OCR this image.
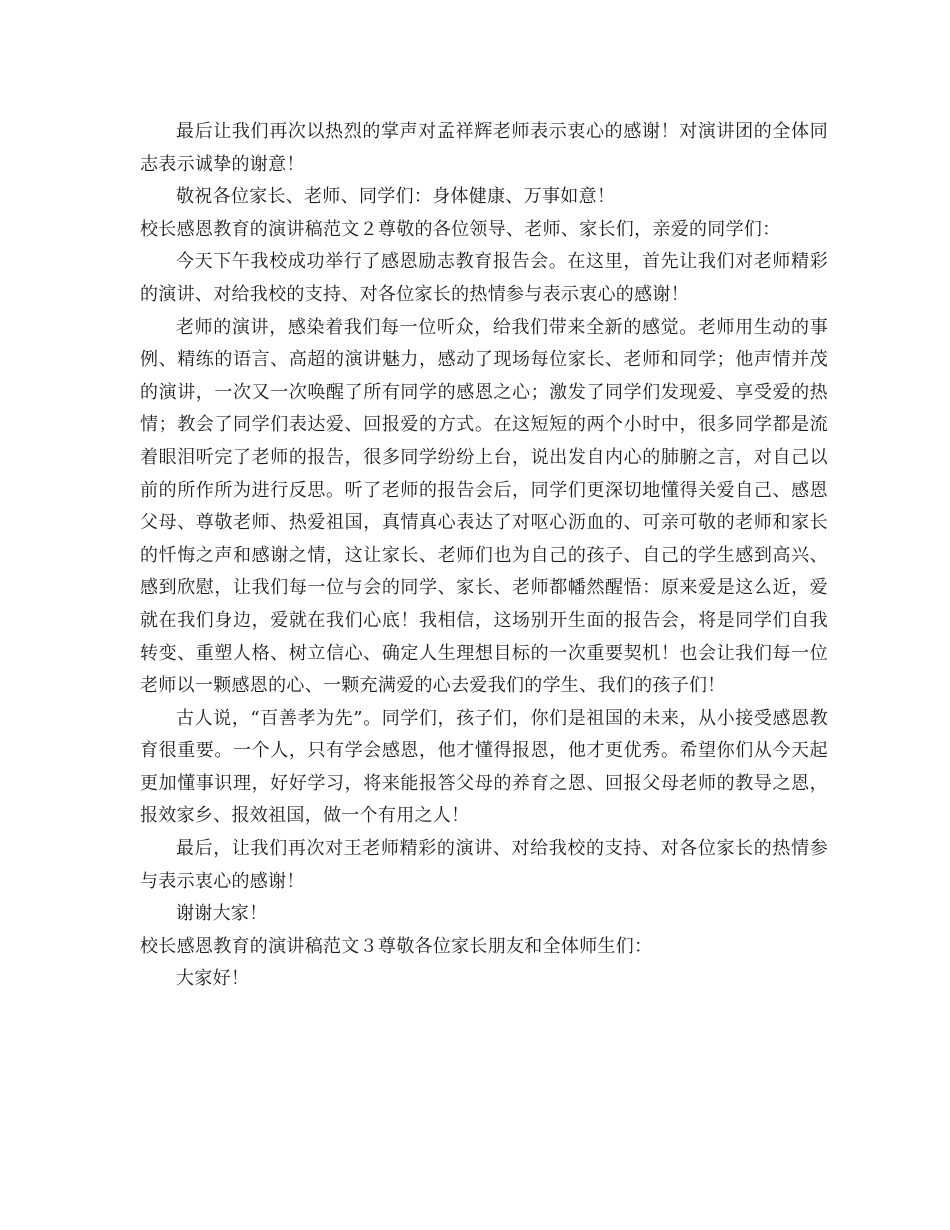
最后让我们再次以热烈的掌声对孟祥辉老师表示衷心的感谢！对演讲团的全体同志表示诚挚的谢意！

敬祝各位家长、老师、同学们：身体健康、万事如意！

校长感恩教育的演讲稿范文２尊敬的各位领导、老师、家长们，亲爱的同学们：

今天下午我校成功举行了感恩励志教育报告会。在这里，首先让我们对老师精彩的演讲、对给我校的支持、对各位家长的热情参与表示衷心的感谢！

老师的演讲，感染着我们每一位听众，给我们带来全新的感觉。老师用生动的事例、精练的语言、高超的演讲魅力，感动了现场每位家长、老师和同学；他声情并茂的演讲，一次又一次唤醒了所有同学的感恩之心；激发了同学们发现爱、享受爱的热情；教会了同学们表达爱、回报爱的方式。在这短短的两个小时中，很多同学都是流着眼泪听完了老师的报告，很多同学纷纷上台，说出发自内心的肺腑之言，对自己以前的所作所为进行反思。听了老师的报告会后，同学们更深切地懂得关爱自己、感恩父母、尊敬老师、热爱祖国，真情真心表达了对呕心沥血的、可亲可敬的老师和家长的忏悔之声和感谢之情，这让家长、老师们也为自己的孩子、自己的学生感到高兴、感到欣慰，让我们每一位与会的同学、家长、老师都幡然醒悟：原来爱是这么近，爱就在我们身边，爱就在我们心底！我相信，这场别开生面的报告会，将是同学们自我转变、重塑人格、树立信心、确定人生理想目标的一次重要契机！也会让我们每一位老师以一颗感恩的心、一颗充满爱的心去爱我们的学生、我们的孩子们！

古人说，“百善孝为先”。同学们，孩子们，你们是祖国的未来，从小接受感恩教育很重要。一个人，只有学会感恩，他才懂得报恩，他才更优秀。希望你们从今天起更加懂事识理，好好学习，将来能报答父母的养育之恩、回报父母老师的教导之恩，报效家乡、报效祖国，做一个有用之人！

最后，让我们再次对王老师精彩的演讲、对给我校的支持、对各位家长的热情参与表示衷心的感谢！

谢谢大家！

校长感恩教育的演讲稿范文３尊敬各位家长朋友和全体师生们：

大家好！
